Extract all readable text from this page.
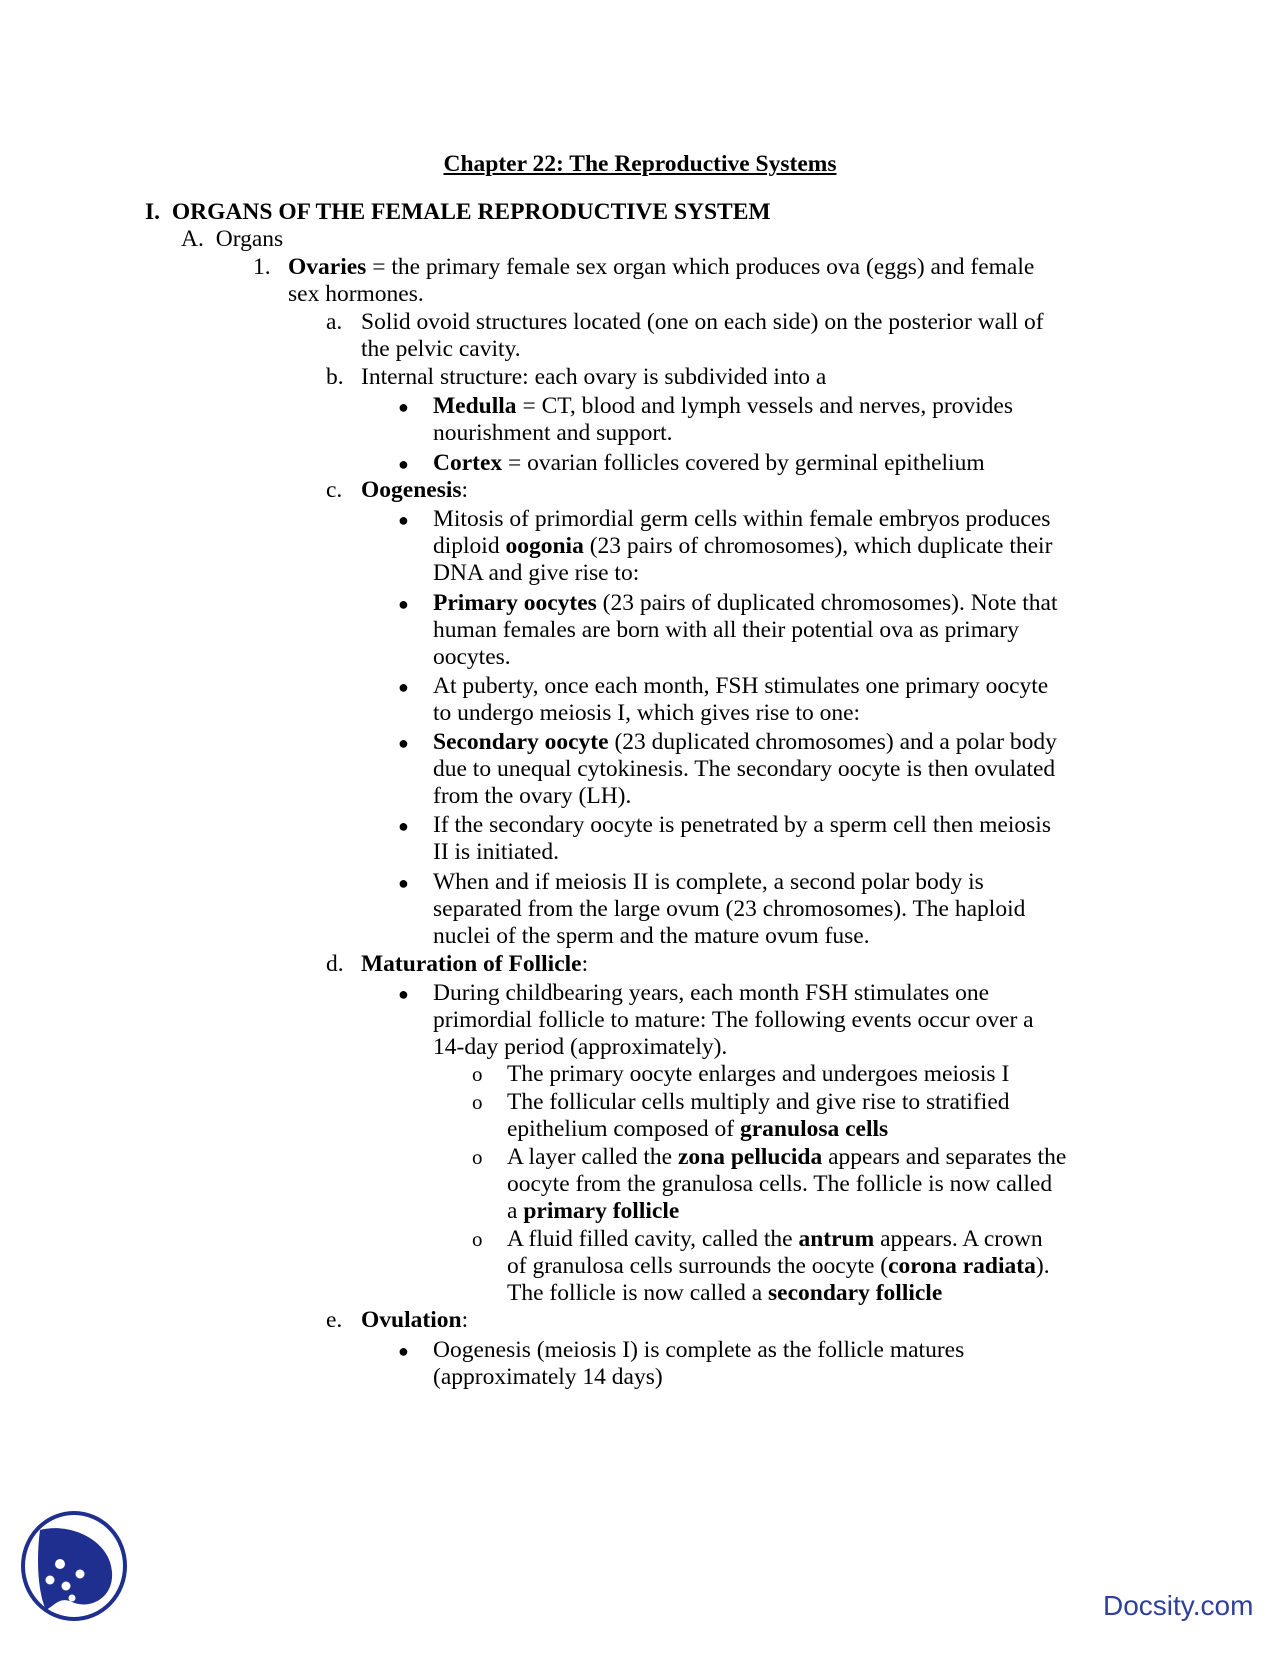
Chapter 22: The Reproductive Systems
I. ORGANS OF THE FEMALE REPRODUCTIVE SYSTEM
A. Organs
1. Ovaries = the primary female sex organ which produces ova (eggs) and female
sex hormones.
a. Solid ovoid structures located (one on each side) on the posterior wall of
the pelvic cavity.
b. Internal structure: each ovary is subdivided into a
● Medulla = CT, blood and lymph vessels and nerves, provides
nourishment and support.
● Cortex = ovarian follicles covered by germinal epithelium
c. Oogenesis:
● Mitosis of primordial germ cells within female embryos produces
diploid oogonia (23 pairs of chromosomes), which duplicate their
DNA and give rise to:
● Primary oocytes (23 pairs of duplicated chromosomes). Note that
human females are born with all their potential ova as primary
oocytes.
● At puberty, once each month, FSH stimulates one primary oocyte
to undergo meiosis I, which gives rise to one:
● Secondary oocyte (23 duplicated chromosomes) and a polar body
due to unequal cytokinesis. The secondary oocyte is then ovulated
from the ovary (LH).
● If the secondary oocyte is penetrated by a sperm cell then meiosis
II is initiated.
● When and if meiosis II is complete, a second polar body is
separated from the large ovum (23 chromosomes). The haploid
nuclei of the sperm and the mature ovum fuse.
d. Maturation of Follicle:
● During childbearing years, each month FSH stimulates one
primordial follicle to mature: The following events occur over a
14-day period (approximately).
o The primary oocyte enlarges and undergoes meiosis I
o The follicular cells multiply and give rise to stratified
epithelium composed of granulosa cells
o A layer called the zona pellucida appears and separates the
oocyte from the granulosa cells. The follicle is now called
a primary follicle
o A fluid filled cavity, called the antrum appears. A crown
of granulosa cells surrounds the oocyte (corona radiata).
The follicle is now called a secondary follicle
e. Ovulation:
● Oogenesis (meiosis I) is complete as the follicle matures
(approximately 14 days)
Docsity.com
